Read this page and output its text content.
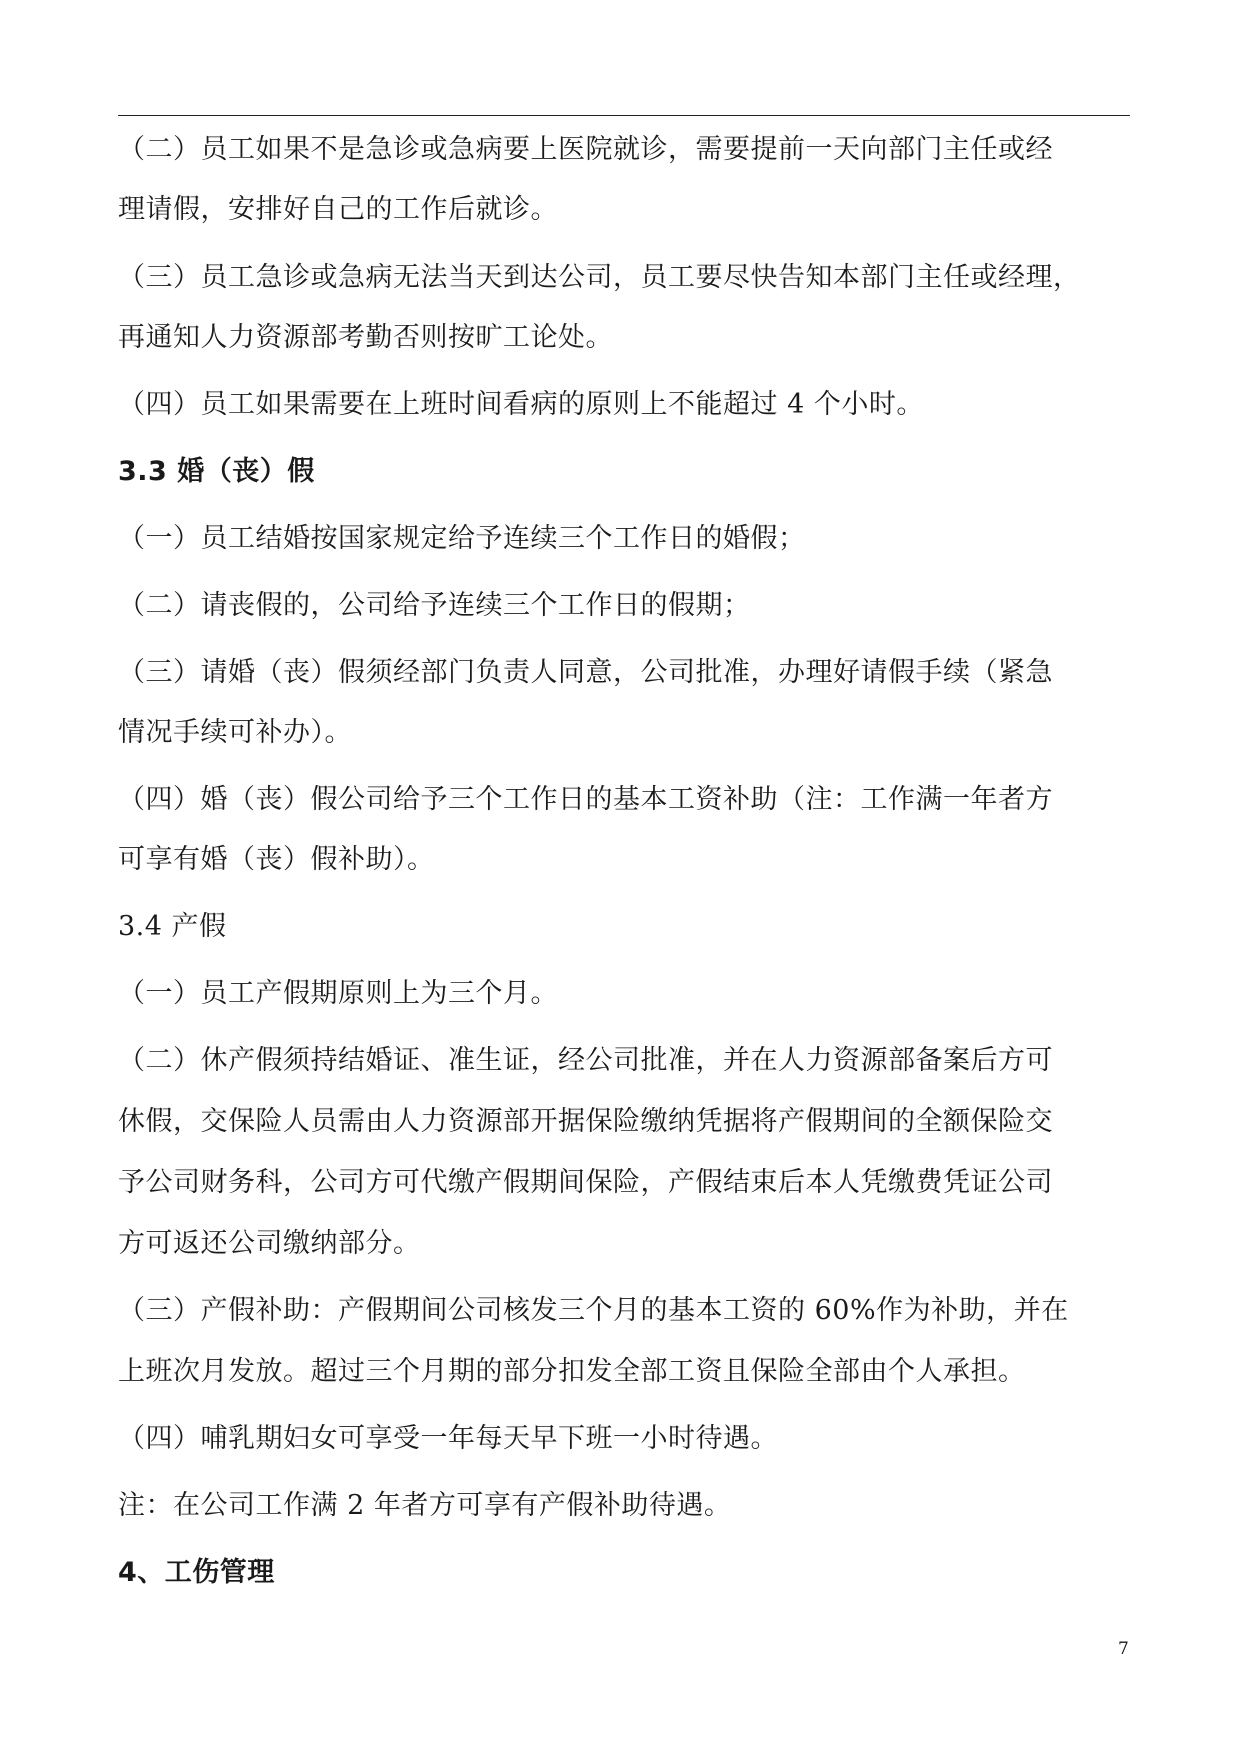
（二）员工如果不是急诊或急病要上医院就诊，需要提前一天向部门主任或经
理请假，安排好自己的工作后就诊。
（三）员工急诊或急病无法当天到达公司，员工要尽快告知本部门主任或经理，
再通知人力资源部考勤否则按旷工论处。
（四）员工如果需要在上班时间看病的原则上不能超过 4 个小时。
3.3 婚（丧）假
（一）员工结婚按国家规定给予连续三个工作日的婚假；
（二）请丧假的，公司给予连续三个工作日的假期；
（三）请婚（丧）假须经部门负责人同意，公司批准，办理好请假手续（紧急
情况手续可补办）。
（四）婚（丧）假公司给予三个工作日的基本工资补助（注：工作满一年者方
可享有婚（丧）假补助）。
3.4 产假
（一）员工产假期原则上为三个月。
（二）休产假须持结婚证、准生证，经公司批准，并在人力资源部备案后方可
休假，交保险人员需由人力资源部开据保险缴纳凭据将产假期间的全额保险交
予公司财务科，公司方可代缴产假期间保险，产假结束后本人凭缴费凭证公司
方可返还公司缴纳部分。
（三）产假补助：产假期间公司核发三个月的基本工资的 60%作为补助，并在
上班次月发放。超过三个月期的部分扣发全部工资且保险全部由个人承担。
（四）哺乳期妇女可享受一年每天早下班一小时待遇。
注：在公司工作满 2 年者方可享有产假补助待遇。
4、工伤管理
7
